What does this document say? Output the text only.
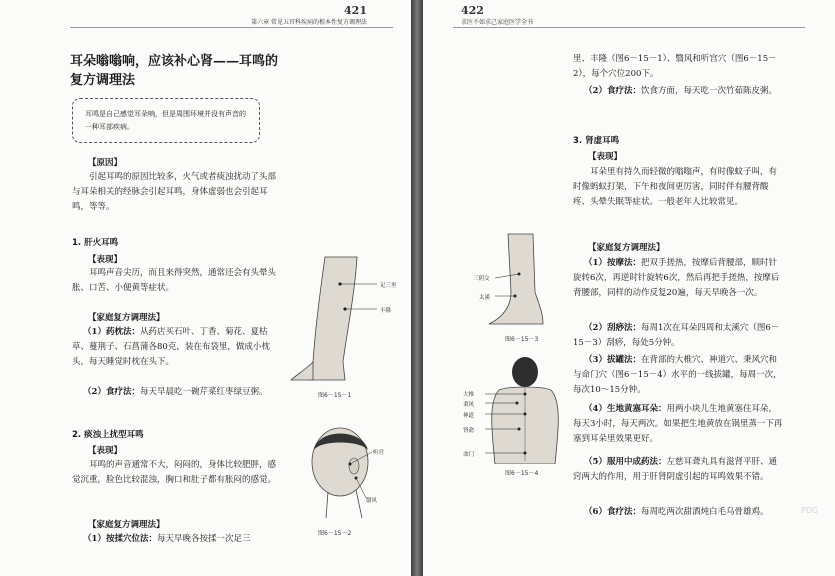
421
第六章 常见五官科疾病的根本性复方调理法
耳朵嗡嗡响，应该补心肾——耳鸣的复方调理法
耳鸣是自己感觉耳朵响，但是周围环境并没有声音的一种耳部疾病。
【原因】
引起耳鸣的原因比较多，火气或者痰浊扰动了头部与耳朵相关的经脉会引起耳鸣，身体虚弱也会引起耳鸣，等等。
1. 肝火耳鸣
【表现】
耳鸣声音尖历，而且来得突然，通常还会有头晕头胀、口苦、小便黄等症状。
【家庭复方调理法】
（1）药枕法：从药店买石叶、丁香、菊花、夏枯草、蔓荆子、石菖蒲各80克，装在布袋里，做成小枕头，每天睡觉时枕在头下。
（2）食疗法：每天早晨吃一碗芹菜红枣绿豆粥。
2. 痰浊上扰型耳鸣
【表现】
耳鸣的声音通常不大，闷闷的，身体比较肥胖，感觉沉重，脸色比较混浊，胸口和肚子都有胀闷的感觉。
【家庭复方调理法】
（1）按揉穴位法：每天早晚各按揉一次足三
足三里
丰隆
图6－15－1
听宫
翳风
图6－15－2
422
求医不如求己家庭医学全书
里、丰隆（图6－15－1）、翳风和听宫穴（图6－15－2），每个穴位200下。
（2）食疗法：饮食方面，每天吃一次竹茹陈皮粥。
3. 肾虚耳鸣
【表现】
耳朵里有持久而轻微的嗡嗡声，有时像蚊子叫，有时像蚂蚁打架，下午和夜间更厉害，同时伴有腰背酸疼、头晕失眠等症状。一般老年人比较常见。
【家庭复方调理法】
（1）按摩法：把双手搓热，按摩后背腰部，顺时针旋转6次，再逆时针旋转6次，然后再把手搓热，按摩后背腰部，同样的动作反复20遍，每天早晚各一次。
（2）刮痧法：每周1次在耳朵四周和太溪穴（图6－15－3）刮痧，每处5分钟。
（3）拔罐法：在背部的大椎穴、神道穴、秉风穴和与命门穴（图6－15－4）水平的一线拔罐，每周一次，每次10～15分钟。
（4）生地黄塞耳朵：用两小块儿生地黄塞住耳朵，每天3小时，每天两次。如果把生地黄放在锅里蒸一下再塞到耳朵里效果更好。
（5）服用中成药法：左慈耳聋丸具有滋肾平肝、通窍两大的作用，用于肝肾阴虚引起的耳鸣效果不错。
（6）食疗法：每周吃两次甜酒炖白毛乌骨雄鸡。
三阴交
太溪
图6－15－3
大椎
秉风
神道
肾俞
命门
图6－15－4
PDG
